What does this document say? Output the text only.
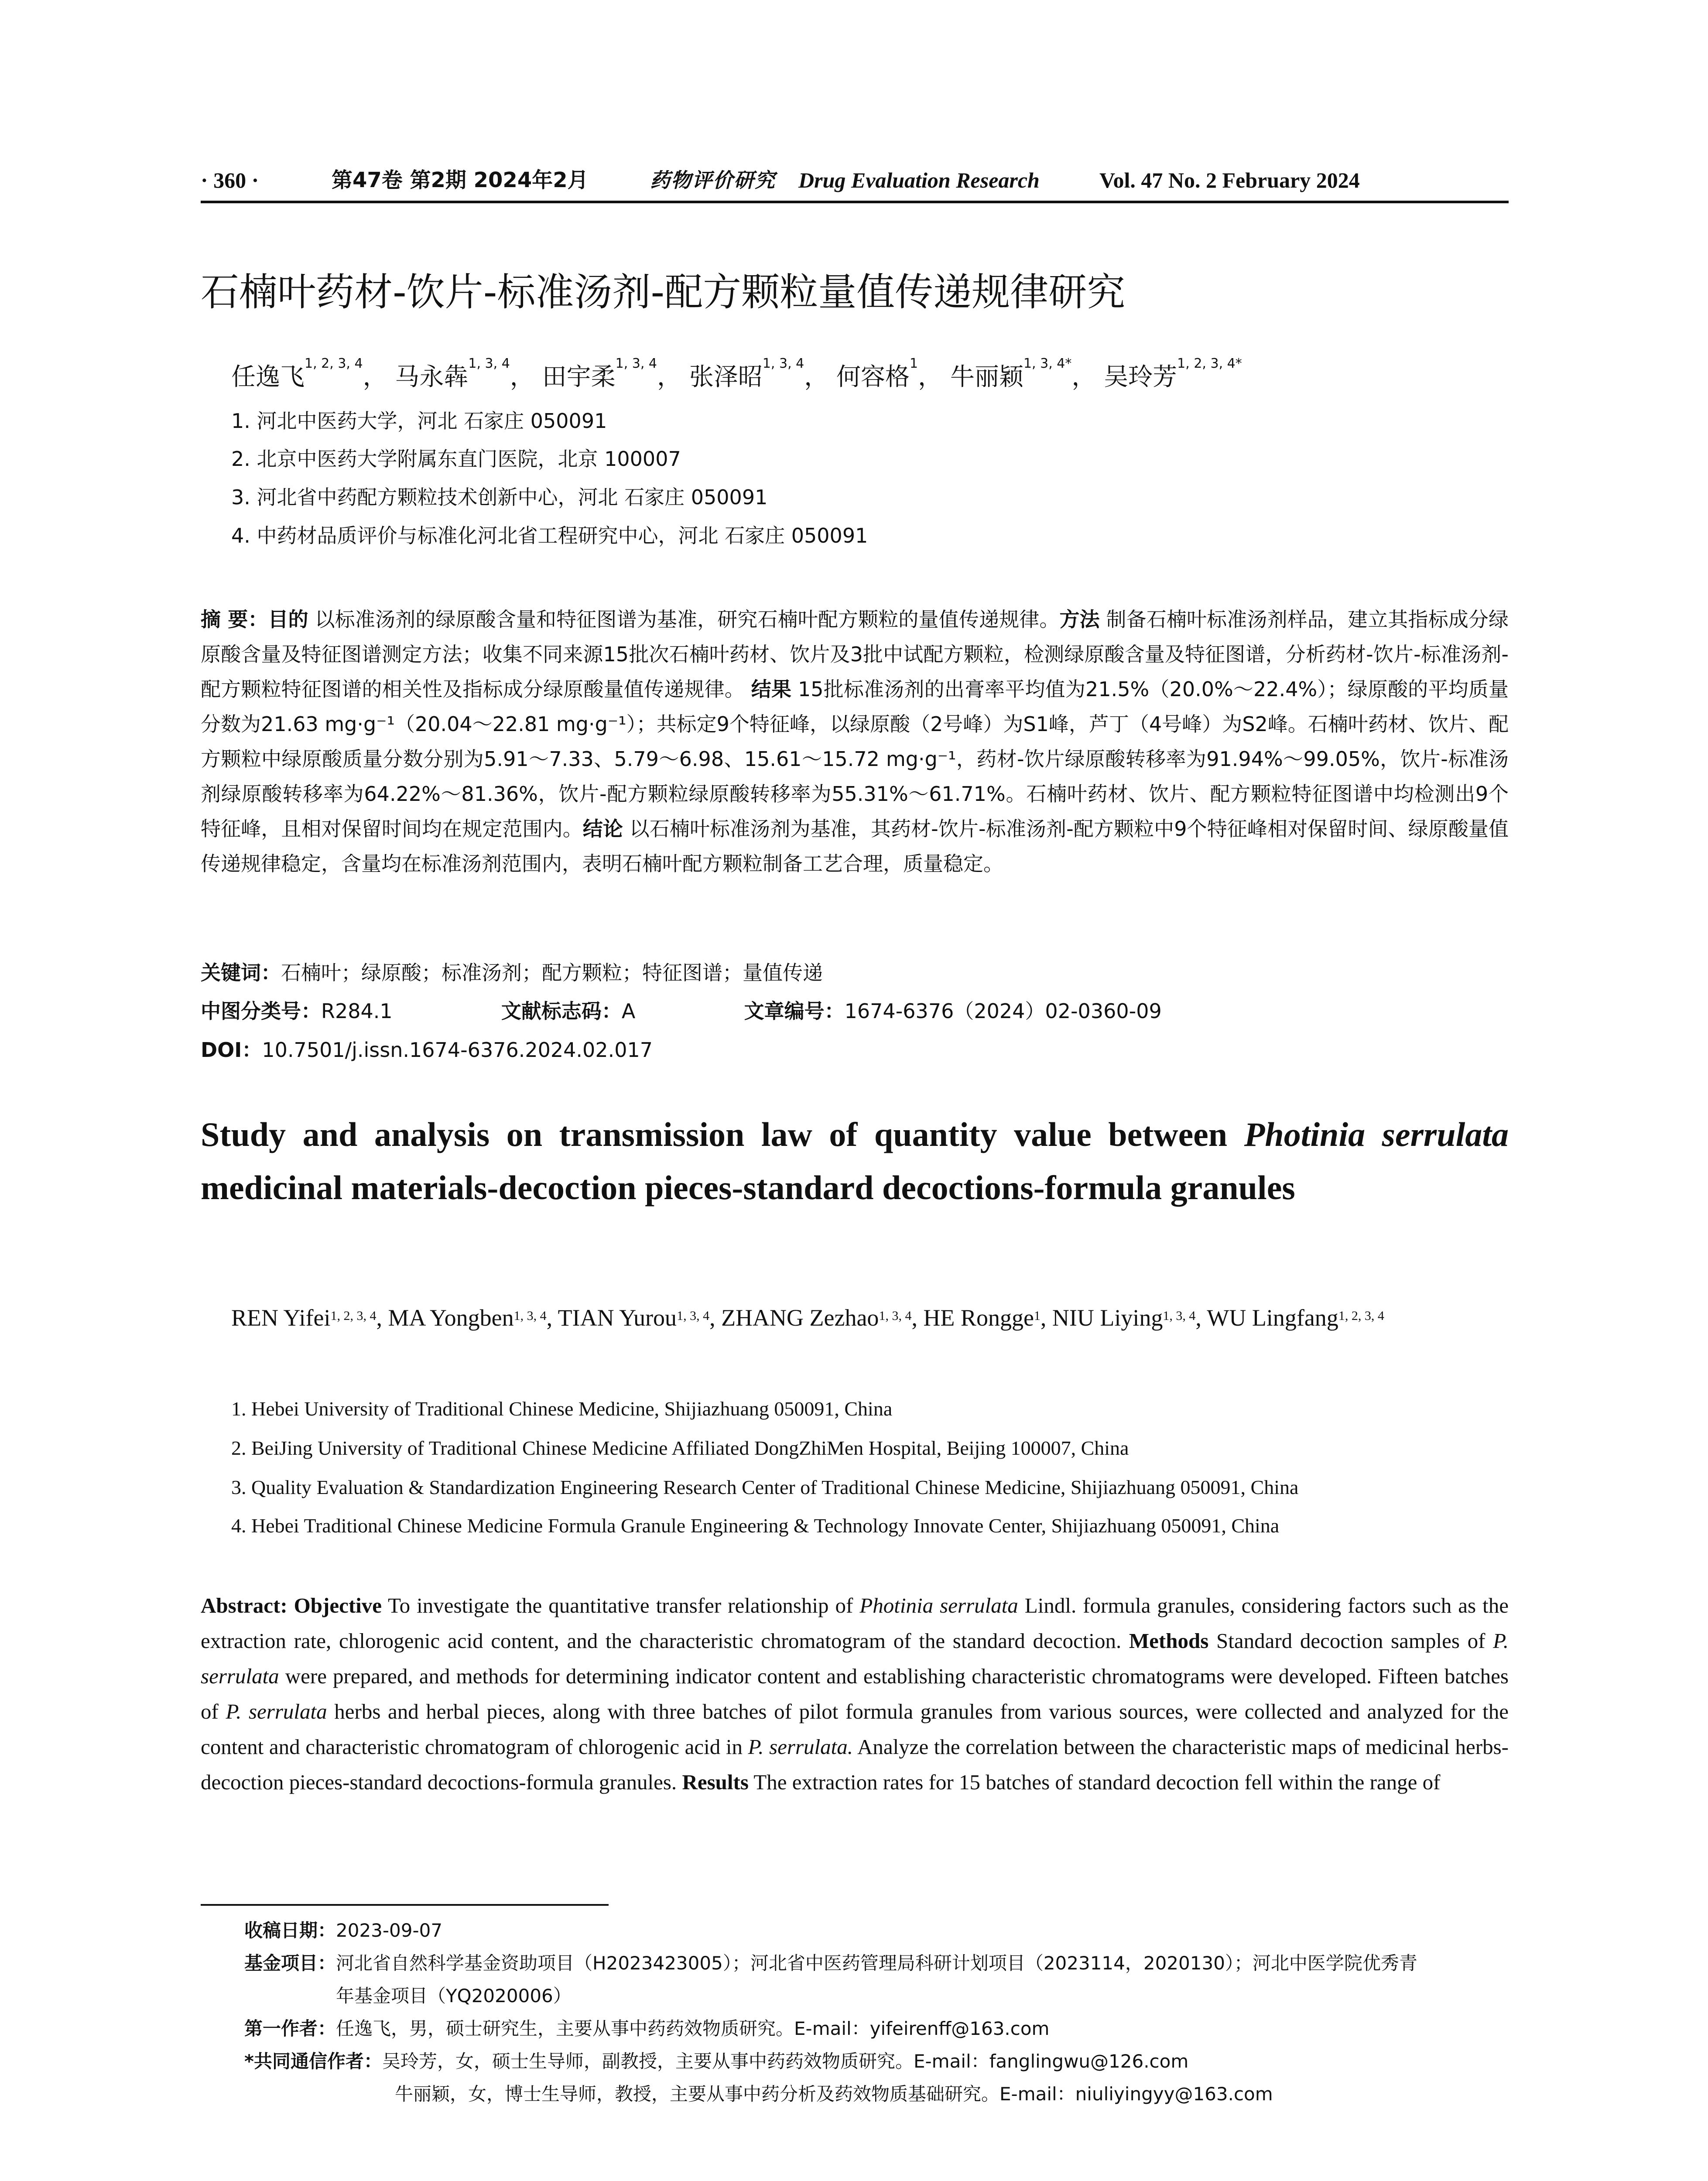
· 360 ·	第47卷 第2期 2024年2月	药物评价研究 Drug Evaluation Research	Vol. 47 No. 2 February 2024
石楠叶药材-饮片-标准汤剂-配方颗粒量值传递规律研究
任逸飞$^{1, 2, 3, 4}$， 马永犇$^{1, 3, 4}$， 田宇柔$^{1, 3, 4}$， 张泽昭$^{1, 3, 4}$， 何容格$^1$， 牛丽颖$^{1, 3, 4*}$， 吴玲芳$^{1, 2, 3, 4*}$
1. 河北中医药大学，河北 石家庄 050091
2. 北京中医药大学附属东直门医院，北京 100007
3. 河北省中药配方颗粒技术创新中心，河北 石家庄 050091
4. 中药材品质评价与标准化河北省工程研究中心，河北 石家庄 050091
摘 要：目的 以标准汤剂的绿原酸含量和特征图谱为基准，研究石楠叶配方颗粒的量值传递规律。方法 制备石楠叶标准汤剂样品，建立其指标成分绿原酸含量及特征图谱测定方法；收集不同来源15批次石楠叶药材、饮片及3批中试配方颗粒，检测绿原酸含量及特征图谱，分析药材-饮片-标准汤剂-配方颗粒特征图谱的相关性及指标成分绿原酸量值传递规律。 结果 15批标准汤剂的出膏率平均值为21.5%（20.0%～22.4%）；绿原酸的平均质量分数为21.63 mg·g⁻¹（20.04～22.81 mg·g⁻¹）；共标定9个特征峰，以绿原酸（2号峰）为S1峰，芦丁（4号峰）为S2峰。石楠叶药材、饮片、配方颗粒中绿原酸质量分数分别为5.91～7.33、5.79～6.98、15.61～15.72 mg·g⁻¹，药材-饮片绿原酸转移率为91.94%～99.05%，饮片-标准汤剂绿原酸转移率为64.22%～81.36%，饮片-配方颗粒绿原酸转移率为55.31%～61.71%。石楠叶药材、饮片、配方颗粒特征图谱中均检测出9个特征峰，且相对保留时间均在规定范围内。结论 以石楠叶标准汤剂为基准，其药材-饮片-标准汤剂-配方颗粒中9个特征峰相对保留时间、绿原酸量值传递规律稳定，含量均在标准汤剂范围内，表明石楠叶配方颗粒制备工艺合理，质量稳定。
关键词：石楠叶；绿原酸；标准汤剂；配方颗粒；特征图谱；量值传递
中图分类号：R284.1	文献标志码：A	文章编号：1674-6376（2024）02-0360-09
DOI：10.7501/j.issn.1674-6376.2024.02.017
Study and analysis on transmission law of quantity value between Photinia serrulata medicinal materials-decoction pieces-standard decoctions-formula granules
REN Yifei$^{1, 2, 3, 4}$, MA Yongben$^{1, 3, 4}$, TIAN Yurou$^{1, 3, 4}$, ZHANG Zezhao$^{1, 3, 4}$, HE Rongge$^1$, NIU Liying$^{1, 3, 4}$, WU Lingfang$^{1, 2, 3, 4}$
1. Hebei University of Traditional Chinese Medicine, Shijiazhuang 050091, China
2. BeiJing University of Traditional Chinese Medicine Affiliated DongZhiMen Hospital, Beijing 100007, China
3. Quality Evaluation & Standardization Engineering Research Center of Traditional Chinese Medicine, Shijiazhuang 050091, China
4. Hebei Traditional Chinese Medicine Formula Granule Engineering & Technology Innovate Center, Shijiazhuang 050091, China
Abstract: Objective To investigate the quantitative transfer relationship of Photinia serrulata Lindl. formula granules, considering factors such as the extraction rate, chlorogenic acid content, and the characteristic chromatogram of the standard decoction. Methods Standard decoction samples of P. serrulata were prepared, and methods for determining indicator content and establishing characteristic chromatograms were developed. Fifteen batches of P. serrulata herbs and herbal pieces, along with three batches of pilot formula granules from various sources, were collected and analyzed for the content and characteristic chromatogram of chlorogenic acid in P. serrulata. Analyze the correlation between the characteristic maps of medicinal herbs-decoction pieces-standard decoctions-formula granules. Results The extraction rates for 15 batches of standard decoction fell within the range of
收稿日期：2023-09-07
基金项目：河北省自然科学基金资助项目（H2023423005）；河北省中医药管理局科研计划项目（2023114，2020130）；河北中医学院优秀青
年基金项目（YQ2020006）
第一作者：任逸飞，男，硕士研究生，主要从事中药药效物质研究。E-mail：yifeirenff@163.com
*共同通信作者：吴玲芳，女，硕士生导师，副教授，主要从事中药药效物质研究。E-mail：fanglingwu@126.com
牛丽颖，女，博士生导师，教授，主要从事中药分析及药效物质基础研究。E-mail：niuliyingyy@163.com
